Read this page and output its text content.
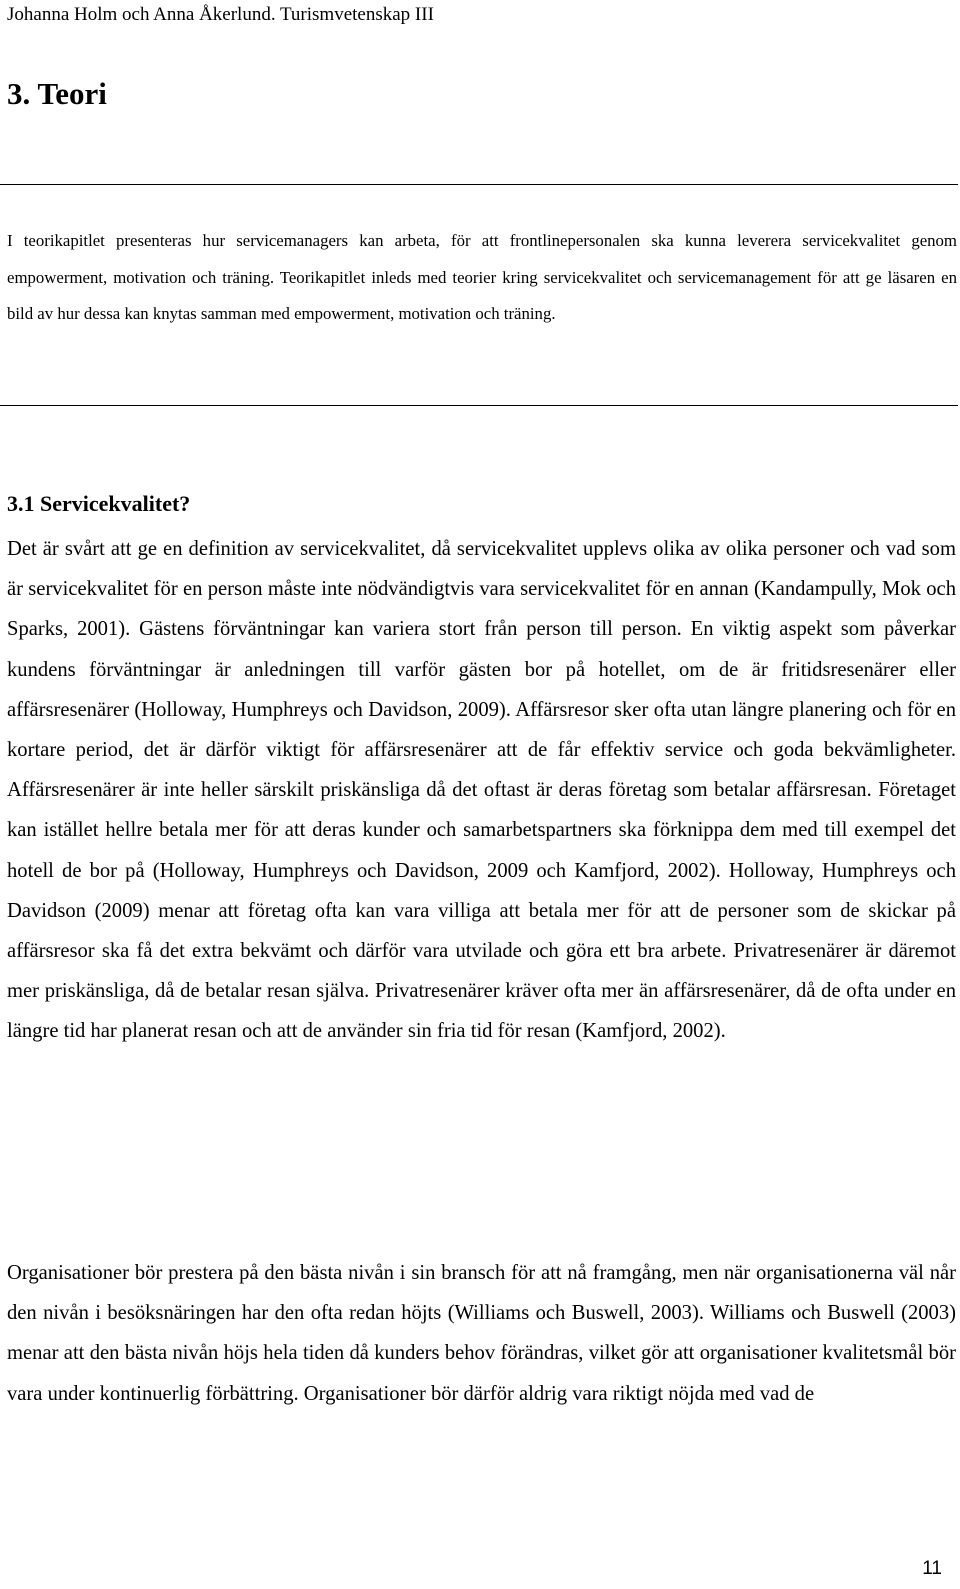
Johanna Holm och Anna Åkerlund. Turismvetenskap III
3. Teori

I teorikapitlet presenteras hur servicemanagers kan arbeta, för att frontlinepersonalen ska kunna leverera servicekvalitet genom empowerment, motivation och träning. Teorikapitlet inleds med teorier kring servicekvalitet och servicemanagement för att ge läsaren en bild av hur dessa kan knytas samman med empowerment, motivation och träning.

3.1 Servicekvalitet?

Det är svårt att ge en definition av servicekvalitet, då servicekvalitet upplevs olika av olika personer och vad som är servicekvalitet för en person måste inte nödvändigtvis vara servicekvalitet för en annan (Kandampully, Mok och Sparks, 2001). Gästens förväntningar kan variera stort från person till person. En viktig aspekt som påverkar kundens förväntningar är anledningen till varför gästen bor på hotellet, om de är fritidsresenärer eller affärsresenärer (Holloway, Humphreys och Davidson, 2009). Affärsresor sker ofta utan längre planering och för en kortare period, det är därför viktigt för affärsresenärer att de får effektiv service och goda bekvämligheter. Affärsresenärer är inte heller särskilt priskänsliga då det oftast är deras företag som betalar affärsresan. Företaget kan istället hellre betala mer för att deras kunder och samarbetspartners ska förknippa dem med till exempel det hotell de bor på (Holloway, Humphreys och Davidson, 2009 och Kamfjord, 2002). Holloway, Humphreys och Davidson (2009) menar att företag ofta kan vara villiga att betala mer för att de personer som de skickar på affärsresor ska få det extra bekvämt och därför vara utvilade och göra ett bra arbete. Privatresenärer är däremot mer priskänsliga, då de betalar resan själva. Privatresenärer kräver ofta mer än affärsresenärer, då de ofta under en längre tid har planerat resan och att de använder sin fria tid för resan (Kamfjord, 2002).

Organisationer bör prestera på den bästa nivån i sin bransch för att nå framgång, men när organisationerna väl når den nivån i besöksnäringen har den ofta redan höjts (Williams och Buswell, 2003). Williams och Buswell (2003) menar att den bästa nivån höjs hela tiden då kunders behov förändras, vilket gör att organisationer kvalitetsmål bör vara under kontinuerlig förbättring. Organisationer bör därför aldrig vara riktigt nöjda med vad de

11
